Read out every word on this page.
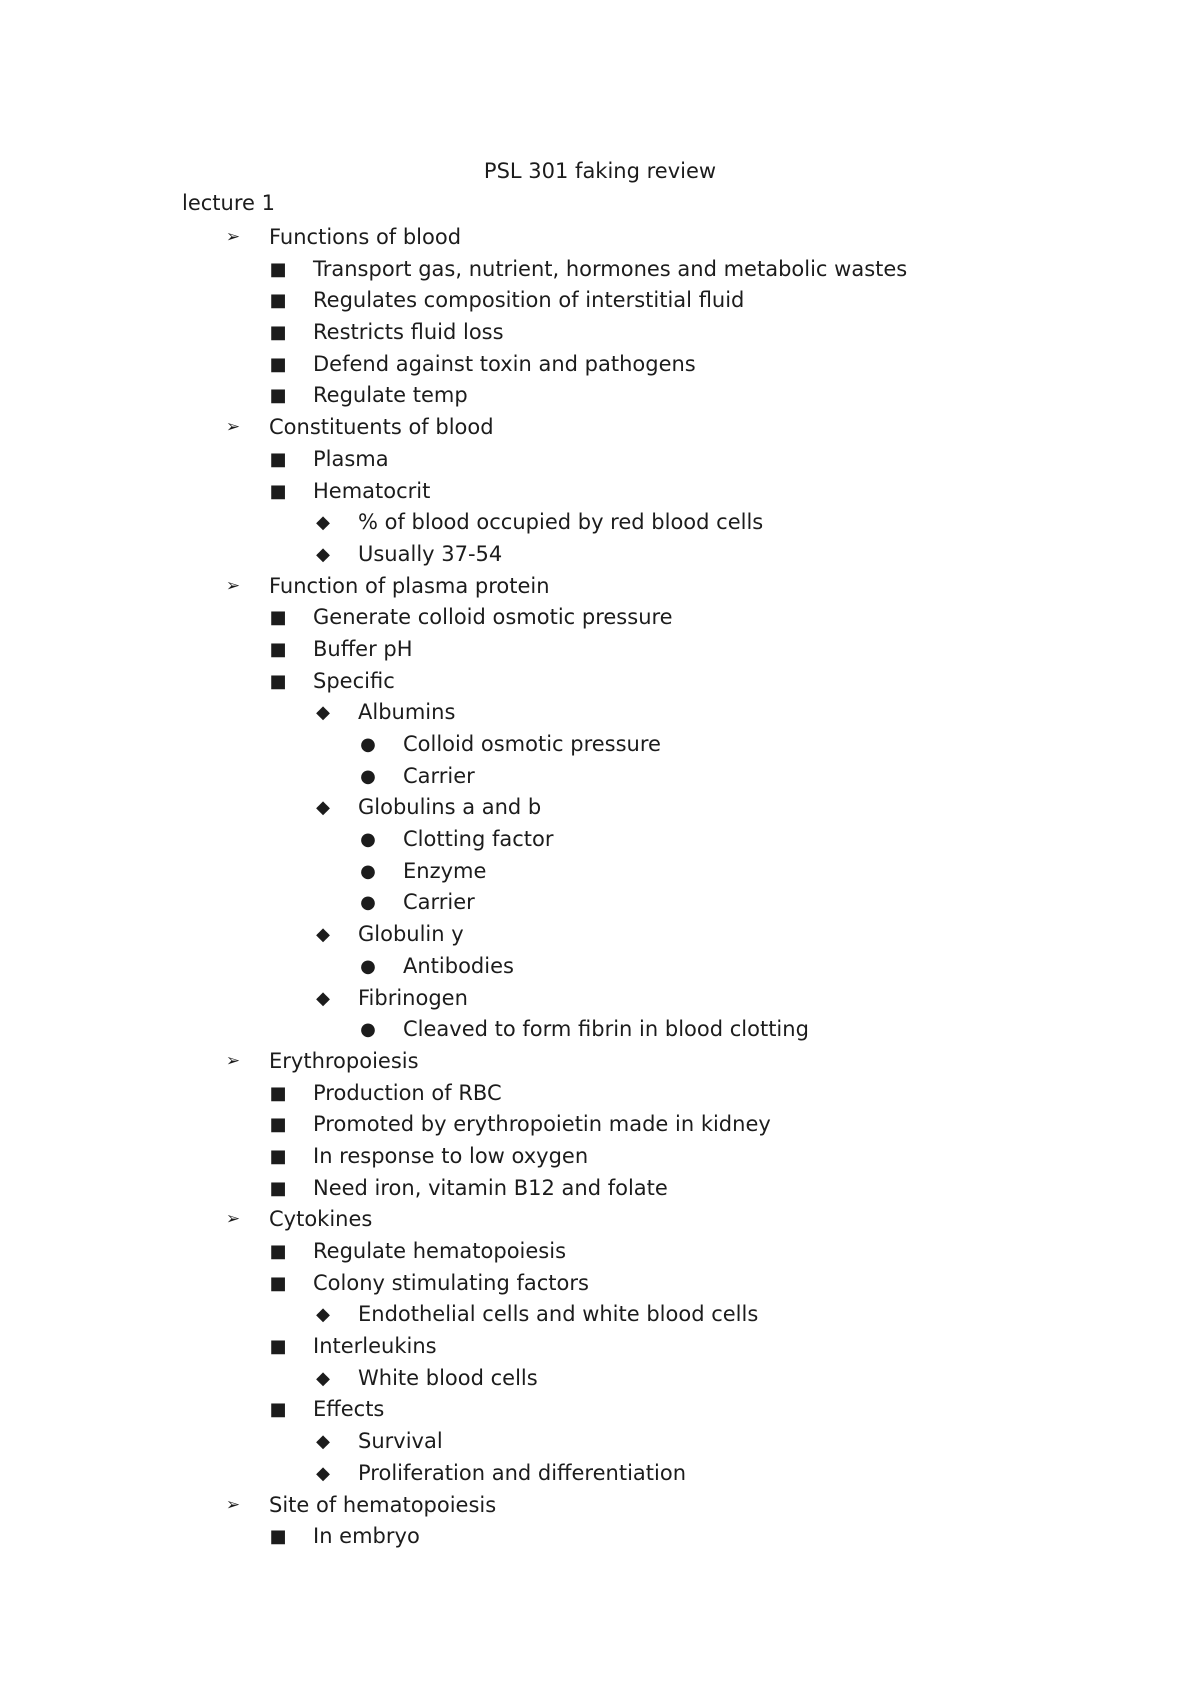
PSL 301 faking review

lecture 1

➢ Functions of blood
■ Transport gas, nutrient, hormones and metabolic wastes
■ Regulates composition of interstitial fluid
■ Restricts fluid loss
■ Defend against toxin and pathogens
■ Regulate temp
➢ Constituents of blood
■ Plasma
■ Hematocrit
◆ % of blood occupied by red blood cells
◆ Usually 37-54
➢ Function of plasma protein
■ Generate colloid osmotic pressure
■ Buffer pH
■ Specific
◆ Albumins
● Colloid osmotic pressure
● Carrier
◆ Globulins a and b
● Clotting factor
● Enzyme
● Carrier
◆ Globulin y
● Antibodies
◆ Fibrinogen
● Cleaved to form fibrin in blood clotting
➢ Erythropoiesis
■ Production of RBC
■ Promoted by erythropoietin made in kidney
■ In response to low oxygen
■ Need iron, vitamin B12 and folate
➢ Cytokines
■ Regulate hematopoiesis
■ Colony stimulating factors
◆ Endothelial cells and white blood cells
■ Interleukins
◆ White blood cells
■ Effects
◆ Survival
◆ Proliferation and differentiation
➢ Site of hematopoiesis
■ In embryo
